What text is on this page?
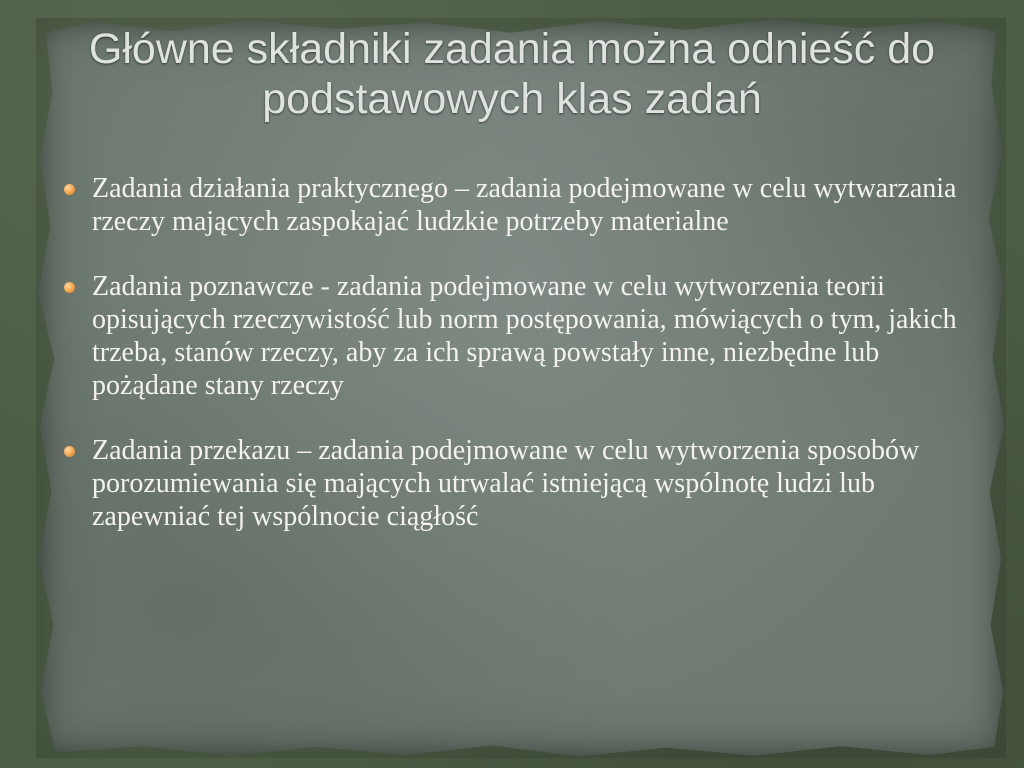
Główne składniki zadania można odnieść do podstawowych klas zadań
Zadania działania praktycznego – zadania podejmowane w celu wytwarzania rzeczy mających zaspokajać ludzkie potrzeby materialne
Zadania poznawcze - zadania podejmowane w celu wytworzenia teorii opisujących rzeczywistość lub norm postępowania, mówiących o tym, jakich trzeba, stanów rzeczy, aby za ich sprawą powstały inne, niezbędne lub pożądane stany rzeczy
Zadania przekazu – zadania podejmowane w celu wytworzenia sposobów porozumiewania się mających utrwalać istniejącą wspólnotę ludzi lub zapewniać tej wspólnocie ciągłość
